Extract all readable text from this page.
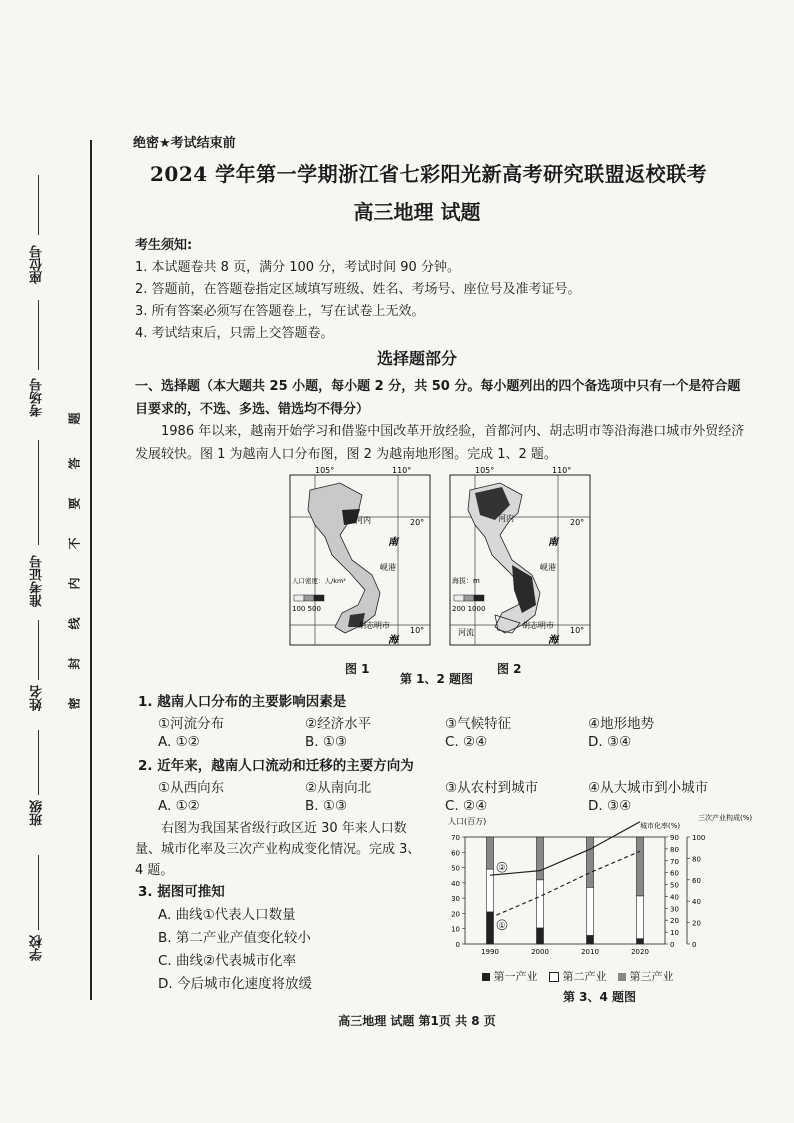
座位号
考场号
准考证号
姓名
班级
学校
密
封
线
内
不
要
答
题
绝密★考试结束前
2024 学年第一学期浙江省七彩阳光新高考研究联盟返校联考
高三地理 试题
考生须知:
1. 本试题卷共 8 页，满分 100 分，考试时间 90 分钟。
2. 答题前，在答题卷指定区域填写班级、姓名、考场号、座位号及准考证号。
3. 所有答案必须写在答题卷上，写在试卷上无效。
4. 考试结束后，只需上交答题卷。
选择题部分
一、选择题（本大题共 25 小题，每小题 2 分，共 50 分。每小题列出的四个备选项中只有一个是符合题目要求的，不选、多选、错选均不得分）
1986 年以来，越南开始学习和借鉴中国改革开放经验，首都河内、胡志明市等沿海港口城市外贸经济发展较快。图 1 为越南人口分布图，图 2 为越南地形图。完成 1、2 题。
105°	110°
20°
10°
河内
岘港
胡志明市
南
海
人口密度：人/km²
100 500
图 1
105°	110°
20°
10°
河内
岘港
胡志明市
南
海
海拔：m
200 1000
河流
图 2
第 1、2 题图
1. 越南人口分布的主要影响因素是
①河流分布	②经济水平	③气候特征	④地形地势
A. ①②	B. ①③	C. ②④	D. ③④
2. 近年来，越南人口流动和迁移的主要方向为
①从西向东	②从南向北	③从农村到城市	④从大城市到小城市
A. ①②	B. ①③	C. ②④	D. ③④
右图为我国某省级行政区近 30 年来人口数量、城市化率及三次产业构成变化情况。完成 3、4 题。
3. 据图可推知
A. 曲线①代表人口数量
B. 第二产业产值变化较小
C. 曲线②代表城市化率
D. 今后城市化速度将放缓
人口(百万)	城市化率(%)
三次产业构成(%)
0
10
20
30
40
50
60
70
0
10
20
30
40
50
60
70
80
90
0
20
40
60
80
100
1990	2000	2010	2020
①
②
第一产业 第二产业 第三产业
第 3、4 题图
高三地理 试题 第1页 共 8 页
